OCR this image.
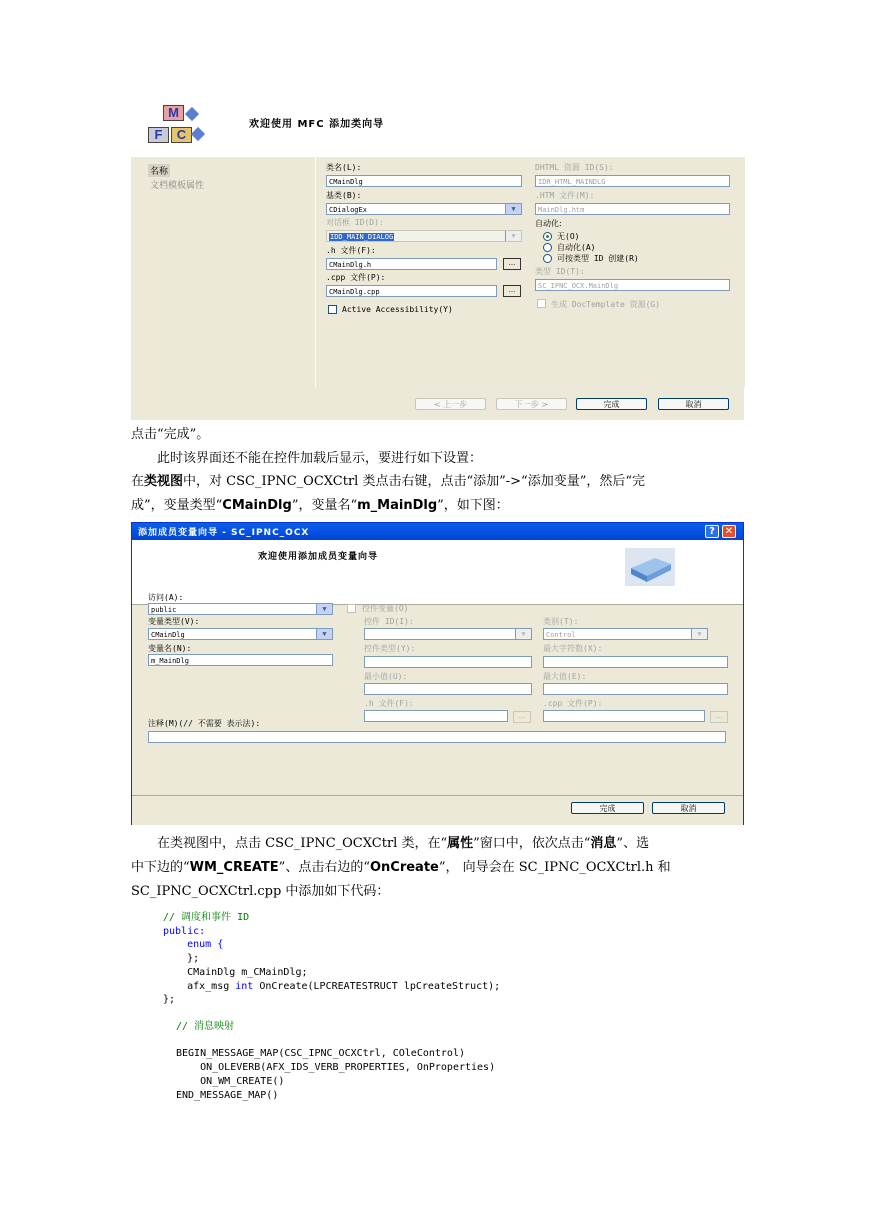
M
F	C
欢迎使用 MFC 添加类向导
名称
文档模板属性
类名(L):
CMainDlg
基类(B):
CDialogEx	▼
对话框 ID(D):
IDD_MAIN_DIALOG	▼
.h 文件(F):
CMainDlg.h	...
.cpp 文件(P):
CMainDlg.cpp	...
Active Accessibility(Y)
DHTML 资源 ID(S):
IDR_HTML_MAINDLG
.HTM 文件(M):
MainDlg.htm
自动化:
无(O)
自动化(A)
可按类型 ID 创建(R)
类型 ID(T):
SC_IPNC_OCX.MainDlg
生成 DocTemplate 资源(G)
< 上一步	下一步 >	完成	取消
点击“完成”。
此时该界面还不能在控件加载后显示，要进行如下设置：
在类视图中，对 CSC_IPNC_OCXCtrl 类点击右键，点击“添加”->“添加变量”，然后“完
成”，变量类型“CMainDlg”，变量名“m_MainDlg”，如下图：
添加成员变量向导 - SC_IPNC_OCX	? ✕
欢迎使用添加成员变量向导
访问(A):
public	▼	控件变量(O)
变量类型(V):
CMainDlg	▼
控件 ID(I):
▼
类别(T):
Control	▼
变量名(N):
m_MainDlg
控件类型(Y):	最大字符数(X):
最小值(U):	最大值(E):
.h 文件(F):
...
.cpp 文件(P):
...
注释(M)(// 不需要 表示法):
完成	取消
在类视图中，点击 CSC_IPNC_OCXCtrl 类，在“属性”窗口中，依次点击“消息”、选
中下边的“WM_CREATE”、点击右边的“OnCreate”， 向导会在 SC_IPNC_OCXCtrl.h 和
SC_IPNC_OCXCtrl.cpp 中添加如下代码：
// 调度和事件 ID
public:
enum {
};
CMainDlg m_CMainDlg;
afx_msg int OnCreate(LPCREATESTRUCT lpCreateStruct);
};
// 消息映射

BEGIN_MESSAGE_MAP(CSC_IPNC_OCXCtrl, COleControl)
ON_OLEVERB(AFX_IDS_VERB_PROPERTIES, OnProperties)
ON_WM_CREATE()
END_MESSAGE_MAP()
